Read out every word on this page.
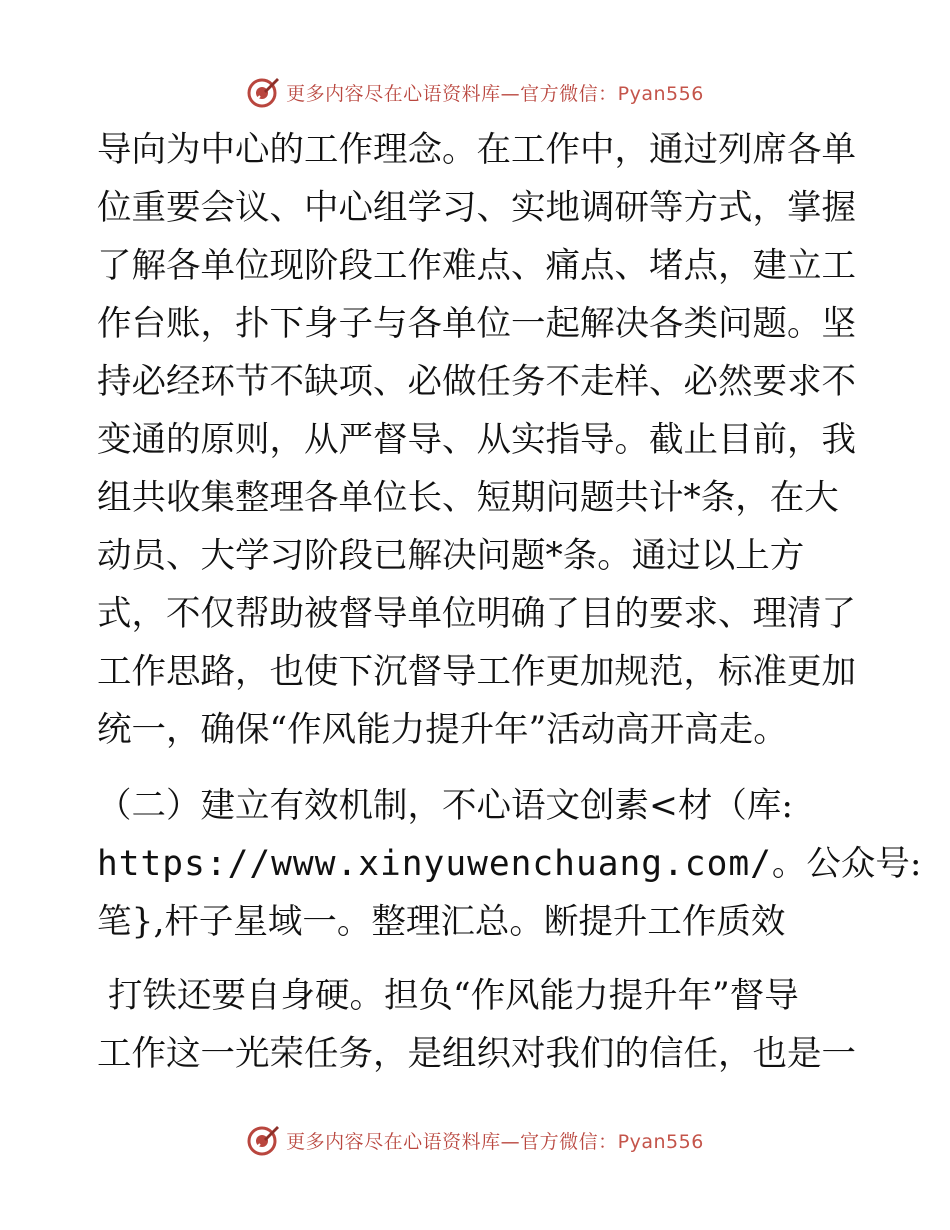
更多内容尽在心语资料库—官方微信：Pyan556
导向为中心的工作理念。在工作中，通过列席各单
位重要会议、中心组学习、实地调研等方式，掌握
了解各单位现阶段工作难点、痛点、堵点，建立工
作台账，扑下身子与各单位一起解决各类问题。坚
持必经环节不缺项、必做任务不走样、必然要求不
变通的原则，从严督导、从实指导。截止目前，我
组共收集整理各单位长、短期问题共计*条，在大
动员、大学习阶段已解决问题*条。通过以上方
式，不仅帮助被督导单位明确了目的要求、理清了
工作思路，也使下沉督导工作更加规范，标准更加
统一，确保“作风能力提升年”活动高开高走。
（二）建立有效机制，不心语文创素<材（库:
https://www.xinyuwenchuang.com/。公众号:
笔},杆子星域一。整理汇总。断提升工作质效
打铁还要自身硬。担负“作风能力提升年”督导
工作这一光荣任务，是组织对我们的信任，也是一
更多内容尽在心语资料库—官方微信：Pyan556
